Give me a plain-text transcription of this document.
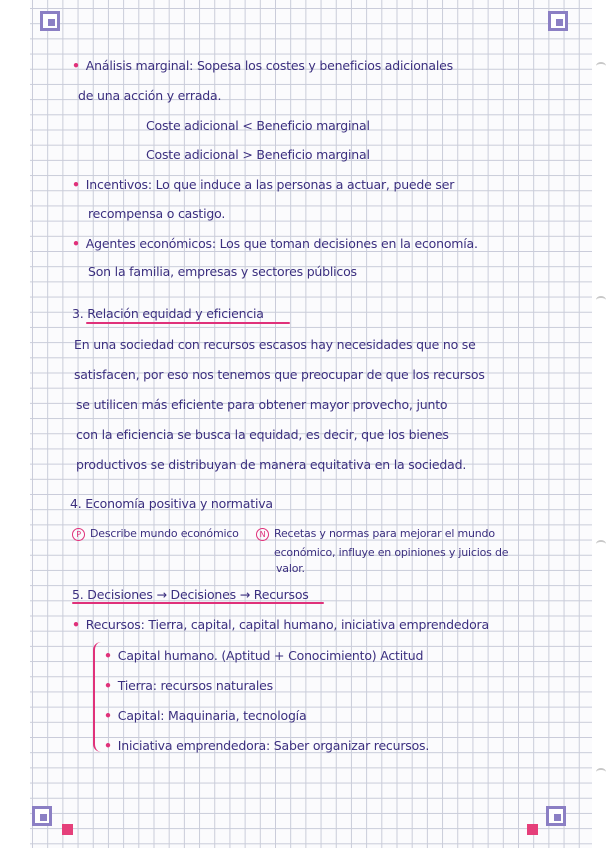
• Análisis marginal: Sopesa los costes y beneficios adicionales
de una acción y errada.
Coste adicional < Beneficio marginal
Coste adicional > Beneficio marginal
• Incentivos: Lo que induce a las personas a actuar, puede ser
recompensa o castigo.
• Agentes económicos: Los que toman decisiones en la economía.
Son la familia, empresas y sectores públicos
3. Relación equidad y eficiencia
En una sociedad con recursos escasos hay necesidades que no se
satisfacen, por eso nos tenemos que preocupar de que los recursos
se utilicen más eficiente para obtener mayor provecho, junto
con la eficiencia se busca la equidad, es decir, que los bienes
productivos se distribuyan de manera equitativa en la sociedad.
4. Economía positiva y normativa
P Describe mundo económico	N Recetas y normas para mejorar el mundo
económico, influye en opiniones y juicios de
valor.
5. Decisiones → Decisiones → Recursos
• Recursos: Tierra, capital, capital humano, iniciativa emprendedora
• Capital humano. (Aptitud + Conocimiento) Actitud
• Tierra: recursos naturales
• Capital: Maquinaria, tecnología
• Iniciativa emprendedora: Saber organizar recursos.
